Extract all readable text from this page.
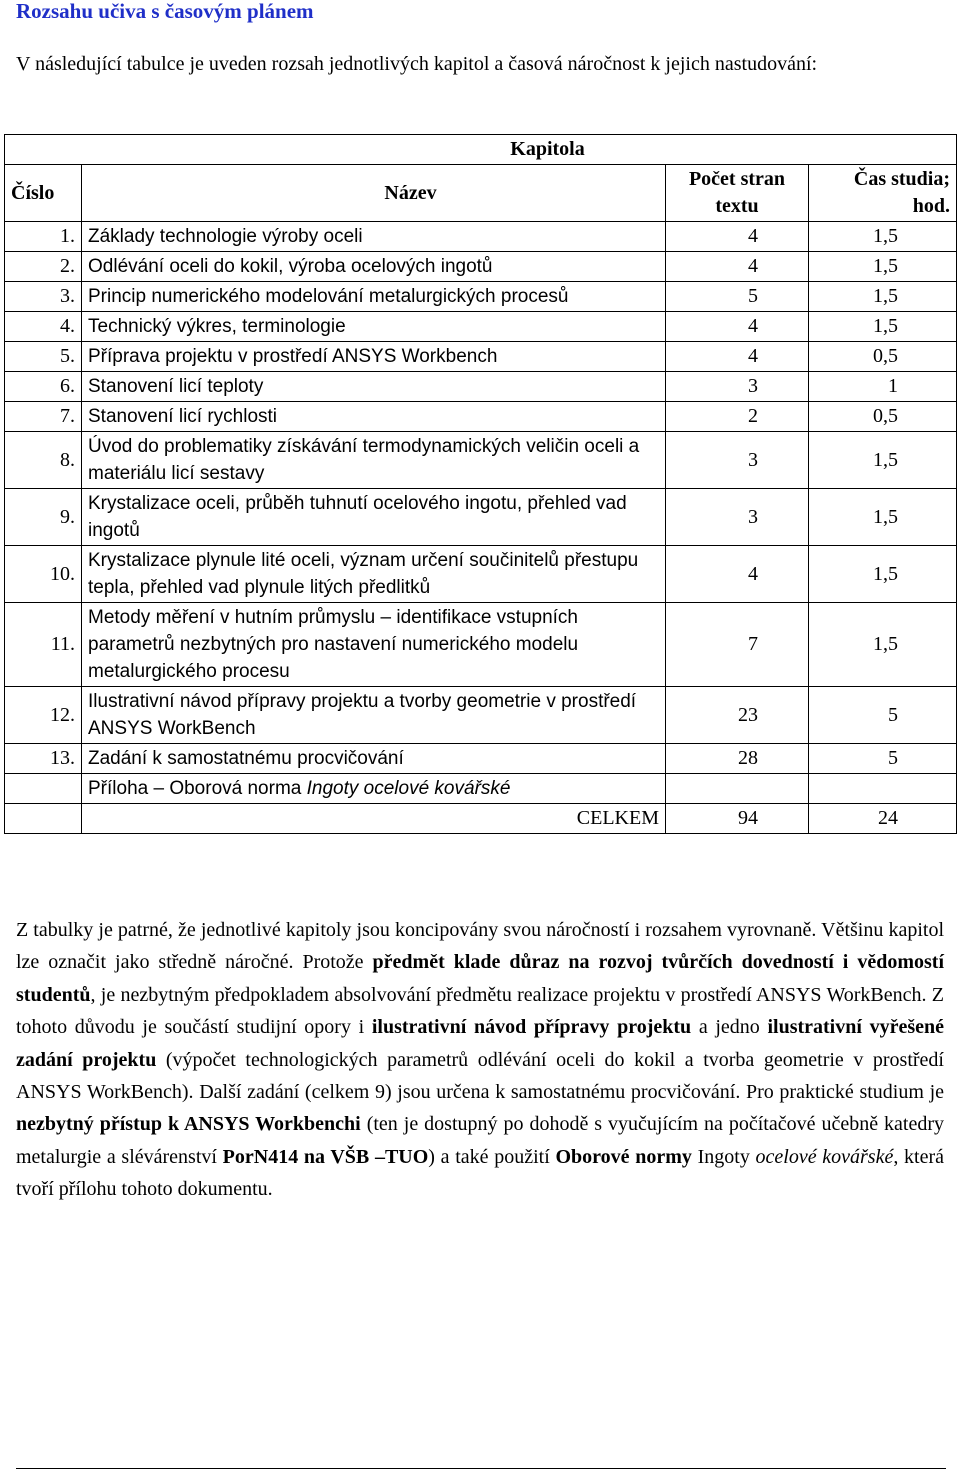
Rozsahu učiva s časovým plánem

V následující tabulce je uveden rozsah jednotlivých kapitol a časová náročnost k jejich nastudování:

Kapitola			
Číslo	Název	Počet stran textu	Čas studia; hod.
1.	Základy technologie výroby oceli	4	1,5
2.	Odlévání oceli do kokil, výroba ocelových ingotů	4	1,5
3.	Princip numerického modelování metalurgických procesů	5	1,5
4.	Technický výkres, terminologie	4	1,5
5.	Příprava projektu v prostředí ANSYS Workbench	4	0,5
6.	Stanovení licí teploty	3	1
7.	Stanovení licí rychlosti	2	0,5
8.	Úvod do problematiky získávání termodynamických veličin oceli a materiálu licí sestavy	3	1,5
9.	Krystalizace oceli, průběh tuhnutí ocelového ingotu, přehled vad ingotů	3	1,5
10.	Krystalizace plynule lité oceli, význam určení součinitelů přestupu tepla, přehled vad plynule litých předlitků	4	1,5
11.	Metody měření v hutním průmyslu – identifikace vstupních parametrů nezbytných pro nastavení numerického modelu metalurgického procesu	7	1,5
12.	Ilustrativní návod přípravy projektu a tvorby geometrie v prostředí ANSYS WorkBench	23	5
13.	Zadání k samostatnému procvičování	28	5
	Příloha – Oborová norma Ingoty ocelové kovářské		
	CELKEM	94	24

Z tabulky je patrné, že jednotlivé kapitoly jsou koncipovány svou náročností i rozsahem vyrovnaně. Většinu kapitol lze označit jako středně náročné. Protože předmět klade důraz na rozvoj tvůrčích dovedností i vědomostí studentů, je nezbytným předpokladem absolvování předmětu realizace projektu v prostředí ANSYS WorkBench. Z tohoto důvodu je součástí studijní opory i ilustrativní návod přípravy projektu a jedno ilustrativní vyřešené zadání projektu (výpočet technologických parametrů odlévání oceli do kokil a tvorba geometrie v prostředí ANSYS WorkBench). Další zadání (celkem 9) jsou určena k samostatnému procvičování. Pro praktické studium je nezbytný přístup k ANSYS Workbenchi (ten je dostupný po dohodě s vyučujícím na počítačové učebně katedry metalurgie a slévárenství PorN414 na VŠB –TUO) a také použití Oborové normy Ingoty ocelové kovářské, která tvoří přílohu tohoto dokumentu.
